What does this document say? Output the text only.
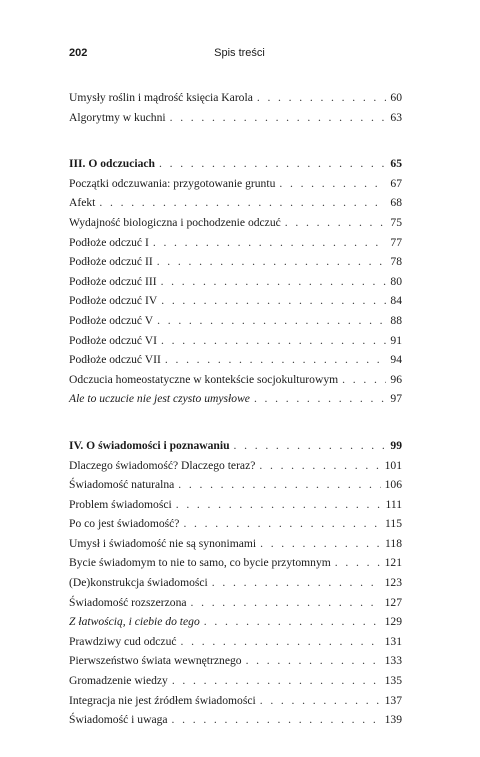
202	Spis treści
Umysły roślin i mądrość księcia Karola . . .	60
Algorytmy w kuchni . . .	63
III. O odczuciach . . .	65
Początki odczuwania: przygotowanie gruntu . . .	67
Afekt . . .	68
Wydajność biologiczna i pochodzenie odczuć . . .	75
Podłoże odczuć I . . .	77
Podłoże odczuć II . . .	78
Podłoże odczuć III . . .	80
Podłoże odczuć IV . . .	84
Podłoże odczuć V . . .	88
Podłoże odczuć VI . . .	91
Podłoże odczuć VII . . .	94
Odczucia homeostatyczne w kontekście socjokulturowym . . .	96
Ale to uczucie nie jest czysto umysłowe . . .	97
IV. O świadomości i poznawaniu . . .	99
Dlaczego świadomość? Dlaczego teraz? . . .	101
Świadomość naturalna . . .	106
Problem świadomości . . .	111
Po co jest świadomość? . . .	115
Umysł i świadomość nie są synonimami . . .	118
Bycie świadomym to nie to samo, co bycie przytomnym . . .	121
(De)konstrukcja świadomości . . .	123
Świadomość rozszerzona . . .	127
Z łatwością, i ciebie do tego . . .	129
Prawdziwy cud odczuć . . .	131
Pierwszeństwo świata wewnętrznego . . .	133
Gromadzenie wiedzy . . .	135
Integracja nie jest źródłem świadomości . . .	137
Świadomość i uwaga . . .	139
